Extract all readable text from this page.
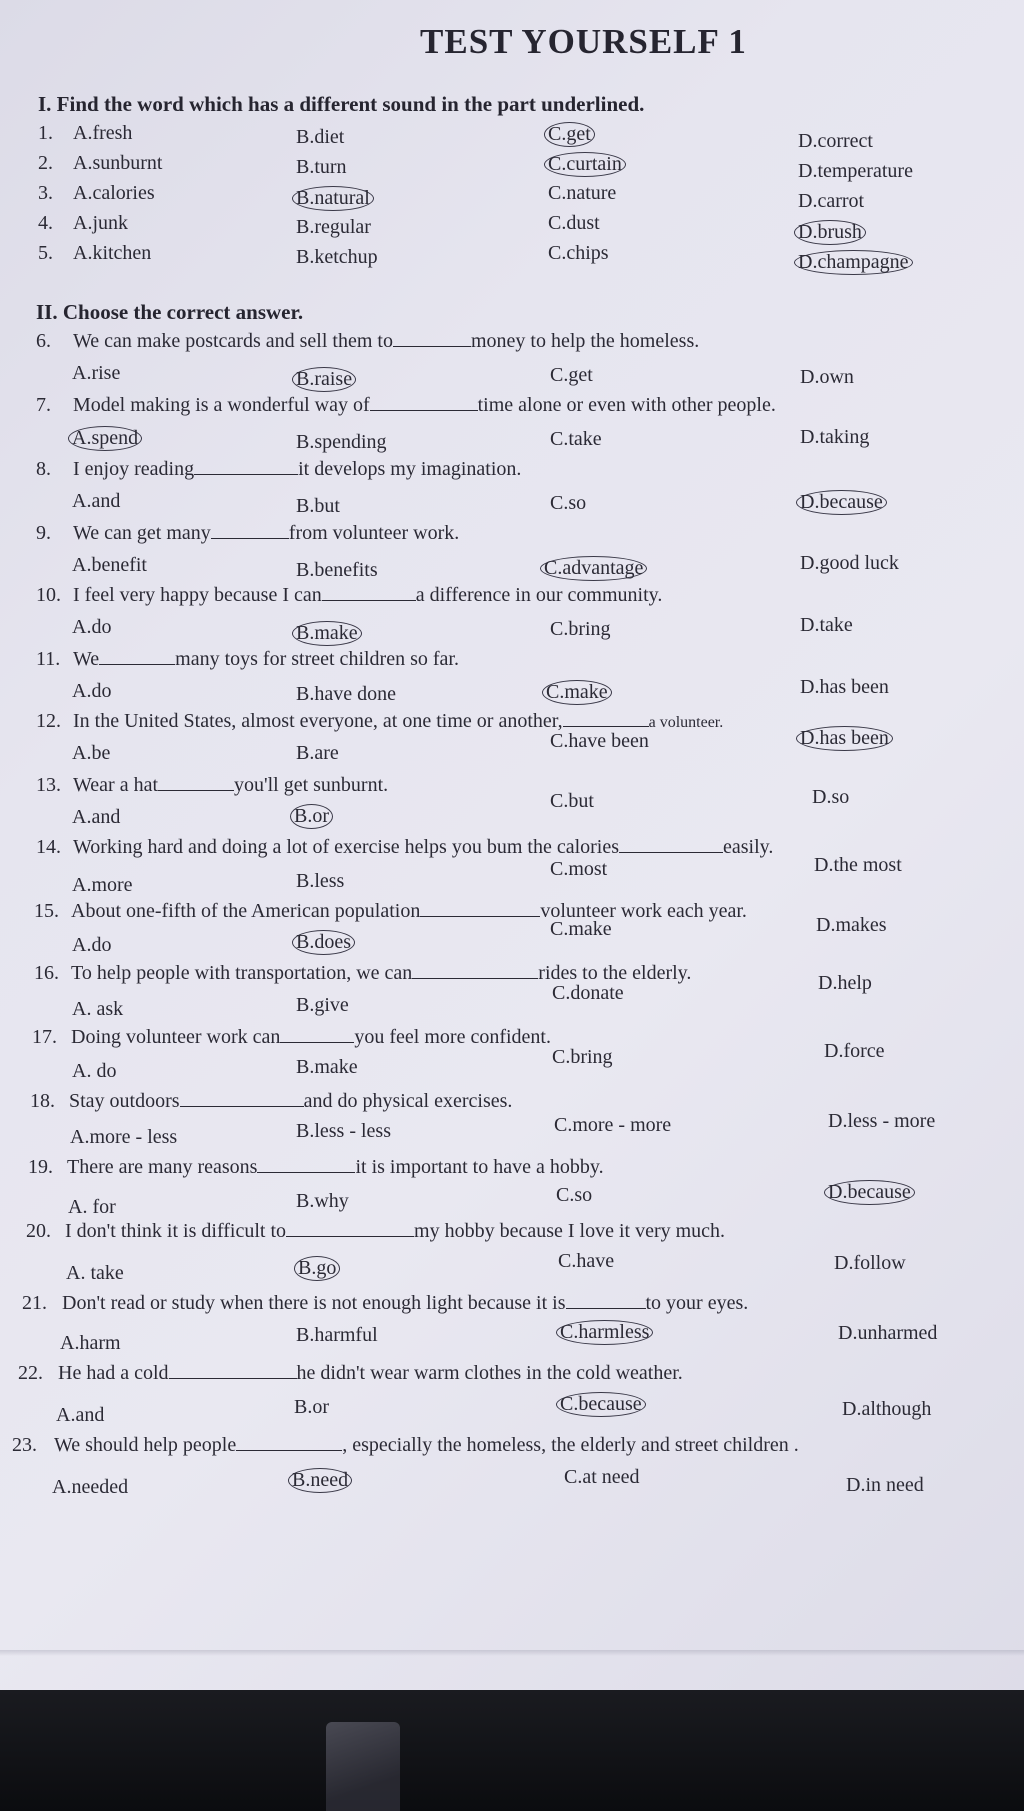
TEST YOURSELF 1
I. Find the word which has a different sound in the part underlined.
1. A.fresh	B.diet	C.get	D.correct
2. A.sunburnt	B.turn	C.curtain	D.temperature
3. A.calories	B.natural	C.nature	D.carrot
4. A.junk	B.regular	C.dust	D.brush
5. A.kitchen	B.ketchup	C.chips	D.champagne
II. Choose the correct answer.
6. We can make postcards and sell them to	money to help the homeless.
A.rise	B.raise	C.get	D.own
7. Model making is a wonderful way of	time alone or even with other people.
A.spend	B.spending	C.take	D.taking
8. I enjoy reading	it develops my imagination.
A.and	B.but	C.so	D.because
9. We can get many	from volunteer work.
A.benefit	B.benefits	C.advantage	D.good luck
10. I feel very happy because I can	a difference in our community.
A.do	B.make	C.bring	D.take
11. We	many toys for street children so far.
A.do	B.have done	C.make	D.has been
12. In the United States, almost everyone, at one time or another,	a volunteer.
A.be	B.are
C.have been	D.has been
13. Wear a hat	you'll get sunburnt.
A.and	B.or
C.but	D.so
14. Working hard and doing a lot of exercise helps you bum the calories	easily.
A.more	B.less
C.most	D.the most
15. About one-fifth of the American population	volunteer work each year.
A.do	B.does
C.make	D.makes
16. To help people with transportation, we can	rides to the elderly.
A. ask	B.give
C.donate	D.help
17. Doing volunteer work can	you feel more confident.
A. do	B.make	C.bring	D.force
18. Stay outdoors	and do physical exercises.
A.more - less	B.less - less	C.more - more	D.less - more
19. There are many reasons	it is important to have a hobby.
A. for	B.why	C.so	D.because
20. I don't think it is difficult to	my hobby because I love it very much.
A. take	B.go	C.have	D.follow
21. Don't read or study when there is not enough light because it is	to your eyes.
A.harm	B.harmful	C.harmless	D.unharmed
22. He had a cold	he didn't wear warm clothes in the cold weather.
A.and	B.or	C.because	D.although
23. We should help people	, especially the homeless, the elderly and street children .
A.needed	B.need	C.at need	D.in need
